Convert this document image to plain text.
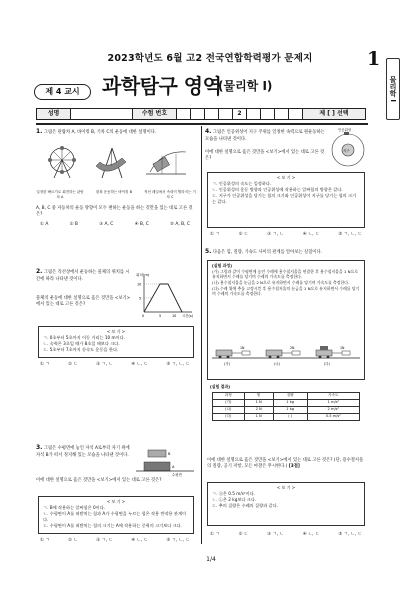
2023학년도 6월 고2 전국연합학력평가 문제지	1
물리학 I
제 4 교시	과학탐구 영역
(물리학 I)
성명	수험 번호	2	제 [ ] 선택
1. 그림은 관람차 A, 바이킹 B, 기차 C의 운동에 대한 설명이다.
일정한 빠르기로 회전하는 관람차 A
왕복 운동하는 바이킹 B	직선 레일에서 속력이 빨라지는 기차 C
A, B, C 중 자동차의 운동 방향이 모두 변하는 운동을 하는 것만을 있는 대로 고른 것은?
① A	② B	③ A, C	④ B, C	⑤ A, B, C
2. 그림은 직선상에서 운동하는 물체의 위치를 시간에 따라 나타낸 것이다.
물체의 운동에 대한 설명으로 옳은 것만을 <보기>에서 있는 대로 고른 것은?
위치(m)
10
5
0	5	10 시간(s)
< 보 기 >
ㄱ. 0초부터 5초까지 이동 거리는 10 m이다.
ㄴ. 속력은 3초일 때가 8초일 때보다 크다.
ㄷ. 5초부터 7초까지 등속도 운동을 한다.
① ㄱ	② ㄷ	③ ㄱ, ㄴ	④ ㄴ, ㄷ	⑤ ㄱ, ㄴ, ㄷ
3. 그림은 수평면에 놓인 자석 A로부터 자기 위에 자석 B가 떠서 정지해 있는 모습을 나타낸 것이다.
이에 대한 설명으로 옳은 것만을 <보기>에서 있는 대로 고른 것은?
B
A
수평면
< 보 기 >
ㄱ. B에 작용하는 알짜힘은 0이다.
ㄴ. 수평면이 A를 떠받치는 힘과 A가 수평면을 누르는 힘은 작용 반작용 관계이다.
ㄷ. 수평면이 A를 떠받치는 힘의 크기는 A에 작용하는 중력의 크기보다 크다.
① ㄱ	② ㄴ	③ ㄱ, ㄷ	④ ㄴ, ㄷ	⑤ ㄱ, ㄴ, ㄷ
4. 그림은 인공위성이 지구 주위를 일정한 속력으로 원운동하는 모습을 나타낸 것이다.
이에 대한 설명으로 옳은 것만을 <보기>에서 있는 대로 고른 것은?
인공위성
지구
< 보 기 >
ㄱ. 인공위성의 속도는 일정하다.
ㄴ. 인공위성의 운동 방향과 인공위성에 작용하는 알짜힘의 방향은 같다.
ㄷ. 지구가 인공위성을 당기는 힘의 크기와 인공위성이 지구를 당기는 힘의 크기는 같다.
① ㄱ	② ㄷ	③ ㄱ, ㄴ	④ ㄴ, ㄷ	⑤ ㄱ, ㄴ, ㄷ
5. 다음은 힘, 질량, 가속도 사이의 관계를 알아보는 실험이다.
[실험 과정]
(가) 그림과 같이 수평면에 놓인 수레에 용수철저울을 연결한 후 용수철저울을 1 N으로 유지하면서 수레를 당기며 수레의 가속도를 측정한다.
(나) 용수철저울을 눈금을 2 N으로 유지하면서 수레를 당기며 가속도를 측정한다.
(다) 수레 위에 추를 고정시킨 후 용수철저울의 눈금을 1 N으로 유지하면서 수레를 당기며 수레의 가속도를 측정한다.
1N
(가)
2N
(나)
1N
(다)
[실험 결과]
과정	힘	질량	가속도
(가)	1 N	1 kg	1 m/s²
(나)	2 N	1 kg	2 m/s²
(다)	1 N	( )	0.5 m/s²
이에 대한 설명으로 옳은 것만을 <보기>에서 있는 대로 고른 것은? (단, 용수철저울의 질량, 공기 저항, 모든 마찰은 무시한다.) [3점]
< 보 기 >
ㄱ. ⓐ은 0.5 m/s²이다.
ㄴ. ㉡은 2 kg보다 크다.
ㄷ. 추의 질량은 수레의 질량과 같다.
① ㄱ	② ㄷ	③ ㄱ, ㄴ	④ ㄴ, ㄷ	⑤ ㄱ, ㄴ, ㄷ
1/4
